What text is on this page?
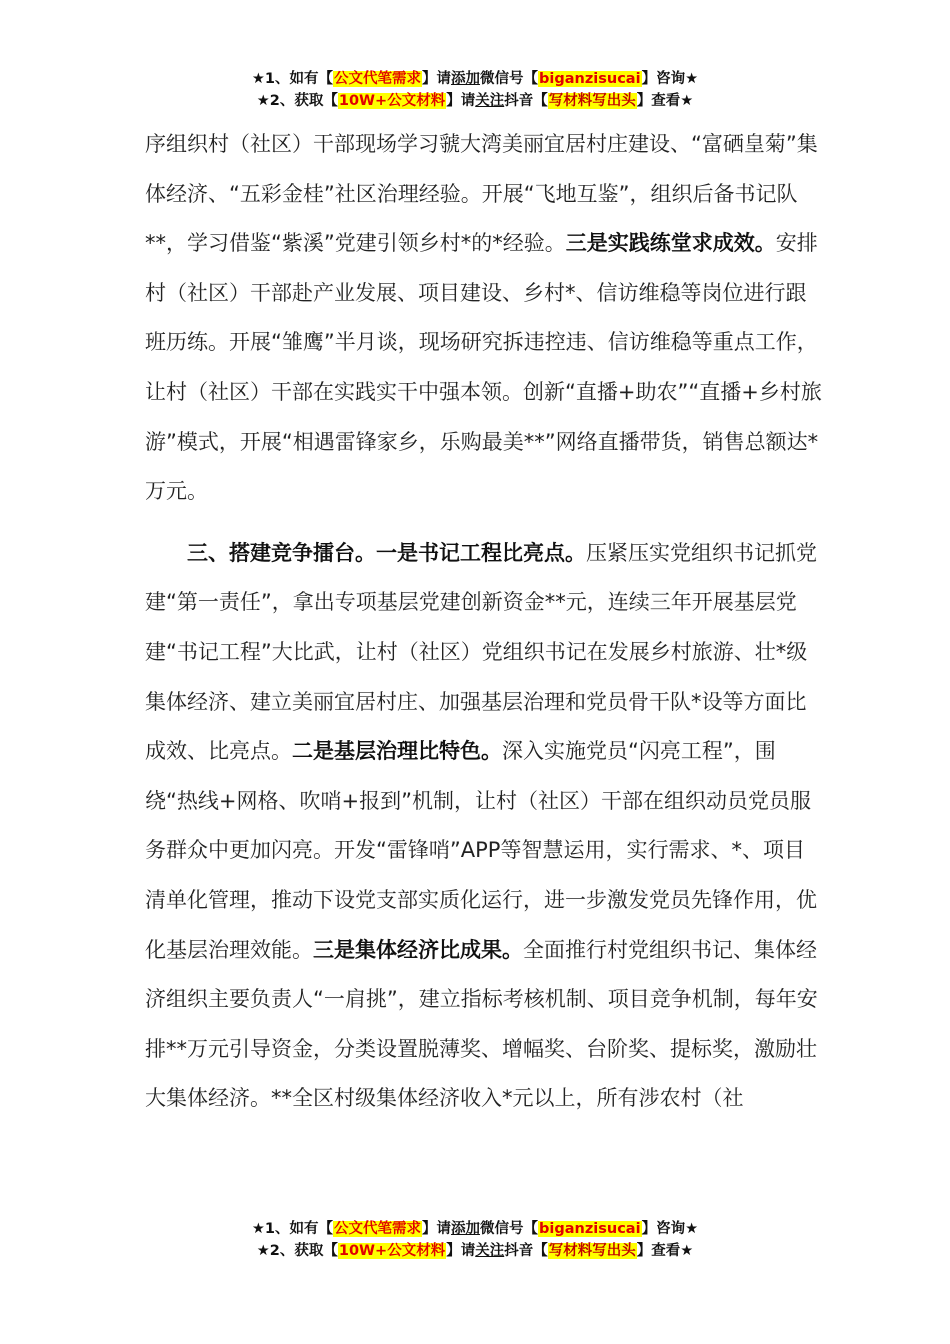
★1、如有【公文代笔需求】请添加微信号【biganzisucai】咨询★
★2、获取【10W+公文材料】请关注抖音【写材料写出头】查看★

序组织村（社区）干部现场学习虢大湾美丽宜居村庄建设、“富硒皇菊”集体经济、“五彩金桂”社区治理经验。开展“飞地互鉴”，组织后备书记队**，学习借鉴“紫溪”党建引领乡村*的*经验。三是实践练堂求成效。安排村（社区）干部赴产业发展、项目建设、乡村*、信访维稳等岗位进行跟班历练。开展“雏鹰”半月谈，现场研究拆违控违、信访维稳等重点工作，让村（社区）干部在实践实干中强本领。创新“直播+助农”“直播+乡村旅游”模式，开展“相遇雷锋家乡，乐购最美**”网络直播带货，销售总额达*万元。

三、搭建竞争擂台。一是书记工程比亮点。压紧压实党组织书记抓党建“第一责任”，拿出专项基层党建创新资金**元，连续三年开展基层党建“书记工程”大比武，让村（社区）党组织书记在发展乡村旅游、壮*级集体经济、建立美丽宜居村庄、加强基层治理和党员骨干队*设等方面比成效、比亮点。二是基层治理比特色。深入实施党员“闪亮工程”，围绕“热线+网格、吹哨+报到”机制，让村（社区）干部在组织动员党员服务群众中更加闪亮。开发“雷锋哨”APP等智慧运用，实行需求、*、项目清单化管理，推动下设党支部实质化运行，进一步激发党员先锋作用，优化基层治理效能。三是集体经济比成果。全面推行村党组织书记、集体经济组织主要负责人“一肩挑”，建立指标考核机制、项目竞争机制，每年安排**万元引导资金，分类设置脱薄奖、增幅奖、台阶奖、提标奖，激励壮大集体经济。**全区村级集体经济收入*元以上，所有涉农村（社

★1、如有【公文代笔需求】请添加微信号【biganzisucai】咨询★
★2、获取【10W+公文材料】请关注抖音【写材料写出头】查看★
